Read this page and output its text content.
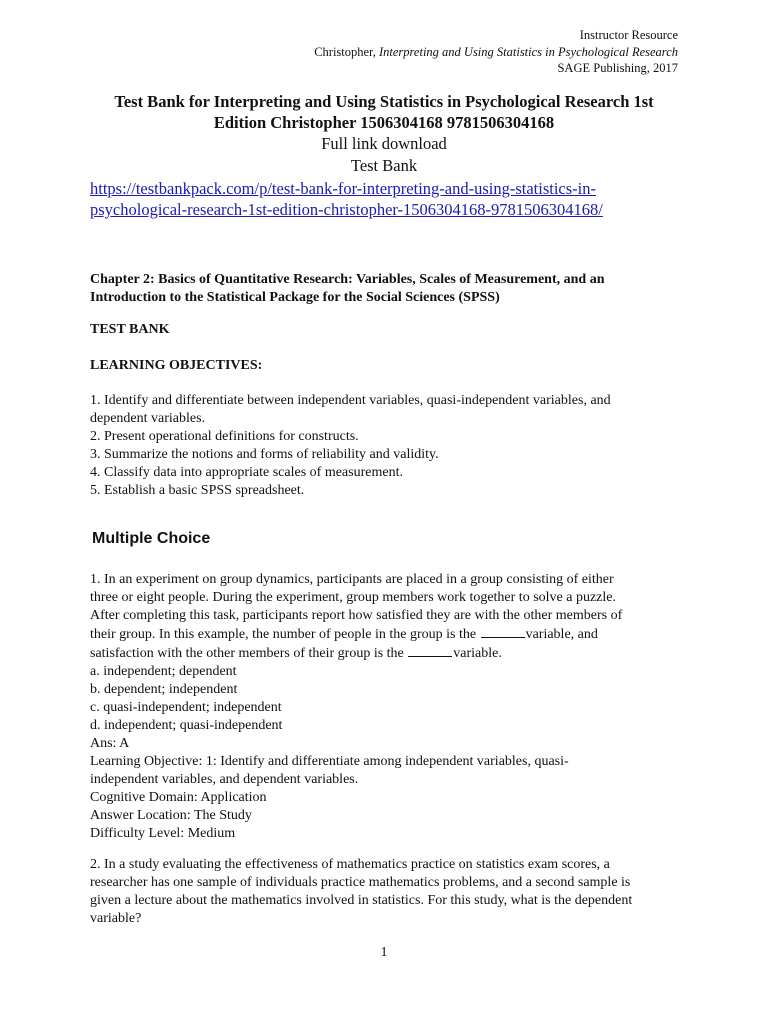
Instructor Resource
Christopher, Interpreting and Using Statistics in Psychological Research
SAGE Publishing, 2017
Test Bank for Interpreting and Using Statistics in Psychological Research 1st
Edition Christopher 1506304168 9781506304168
Full link download
Test Bank
https://testbankpack.com/p/test-bank-for-interpreting-and-using-statistics-in-
psychological-research-1st-edition-christopher-1506304168-9781506304168/
Chapter 2: Basics of Quantitative Research: Variables, Scales of Measurement, and an
Introduction to the Statistical Package for the Social Sciences (SPSS)
TEST BANK
LEARNING OBJECTIVES:
1. Identify and differentiate between independent variables, quasi-independent variables, and
dependent variables.
2. Present operational definitions for constructs.
3. Summarize the notions and forms of reliability and validity.
4. Classify data into appropriate scales of measurement.
5. Establish a basic SPSS spreadsheet.
Multiple Choice
1. In an experiment on group dynamics, participants are placed in a group consisting of either
three or eight people. During the experiment, group members work together to solve a puzzle.
After completing this task, participants report how satisfied they are with the other members of
their group. In this example, the number of people in the group is the	variable, and
satisfaction with the other members of their group is the	variable.
a. independent; dependent
b. dependent; independent
c. quasi-independent; independent
d. independent; quasi-independent
Ans: A
Learning Objective: 1: Identify and differentiate among independent variables, quasi-
independent variables, and dependent variables.
Cognitive Domain: Application
Answer Location: The Study
Difficulty Level: Medium
2. In a study evaluating the effectiveness of mathematics practice on statistics exam scores, a
researcher has one sample of individuals practice mathematics problems, and a second sample is
given a lecture about the mathematics involved in statistics. For this study, what is the dependent
variable?
1
